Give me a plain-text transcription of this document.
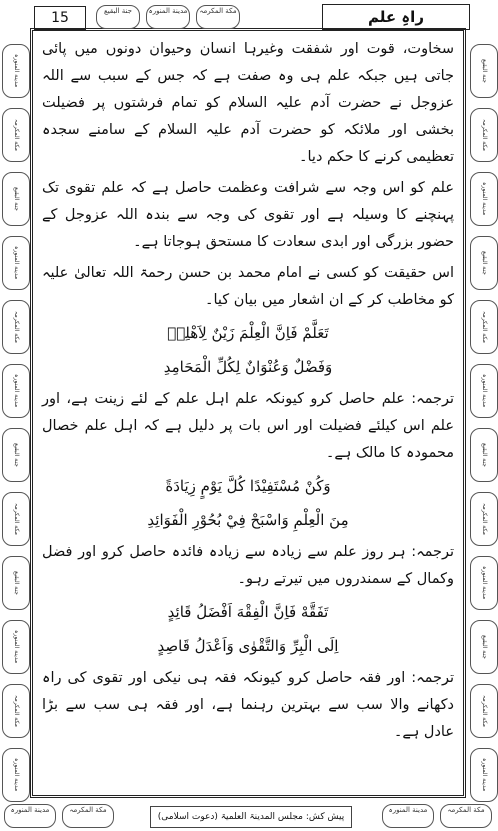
15	جنة البقیع	مدینة المنورہ	مکة المکرمہ	راہِ علم
مدینة المنورہ
مکة المکرمہ
جنة البقیع
مدینة المنورہ
مکة المکرمہ
مدینة المنورہ
جنة البقیع
مکة المکرمہ
جنة البقیع
مدینة المنورہ
مکة المکرمہ
مدینة المنورہ
جنة البقیع
مکة المکرمہ
مدینة المنورہ
جنة البقیع
مکة المکرمہ
مدینة المنورہ
جنة البقیع
مکة المکرمہ
مدینة المنورہ
جنة البقیع
مکة المکرمہ
مدینة المنورہ

سخاوت، قوت اور شفقت وغیرہا انسان وحیوان دونوں میں پائی جاتی ہیں جبکہ علم ہی وہ صفت ہے کہ جس کے سبب سے اللہ عزوجل نے حضرت آدم علیہ السلام کو تمام فرشتوں پر فضیلت بخشی اور ملائکہ کو حضرت آدم علیہ السلام کے سامنے سجدہ تعظیمی کرنے کا حکم دیا۔

علم کو اس وجہ سے شرافت وعظمت حاصل ہے کہ علم تقوی تک پہنچنے کا وسیلہ ہے اور تقوی کی وجہ سے بندہ اللہ عزوجل کے حضور بزرگی اور ابدی سعادت کا مستحق ہوجاتا ہے۔

اس حقیقت کو کسی نے امام محمد بن حسن رحمۃ اللہ تعالیٰ علیہ کو مخاطب کر کے ان اشعار میں بیان کیا۔

تَعَلَّمْ فَاِنَّ الْعِلْمَ زَيْنٌ لِاَهْلِهٖ
وَفَضْلٌ وَعُنْوَانٌ لِكُلِّ الْمَحَامِدِ

ترجمہ: علم حاصل کرو کیونکہ علم اہل علم کے لئے زینت ہے، اور علم اس کیلئے فضیلت اور اس بات پر دلیل ہے کہ اہل علم خصال محمودہ کا مالک ہے۔

وَكُنْ مُسْتَفِيْدًا كُلَّ يَوْمٍ زِيَادَةً
مِنَ الْعِلْمِ وَاسْبَحْ فِيْ بُحُوْرِ الْفَوَائِدِ

ترجمہ: ہر روز علم سے زیادہ سے زیادہ فائدہ حاصل کرو اور فضل وکمال کے سمندروں میں تیرتے رہو۔

تَفَقَّهْ فَاِنَّ الْفِقْهَ اَفْضَلُ قَائِدٍ
اِلَى الْبِرِّ وَالتَّقْوٰى وَاَعْدَلُ قَاصِدٍ

ترجمہ: اور فقہ حاصل کرو کیونکہ فقہ ہی نیکی اور تقوی کی راہ دکھانے والا سب سے بہترین رہنما ہے، اور فقہ ہی سب سے بڑا عادل ہے۔

مدینة المنورہ	مکة المکرمہ
پیش کش: مجلس المدینۃ العلمیۃ (دعوت اسلامی)
مدینة المنورہ	مکة المکرمہ
